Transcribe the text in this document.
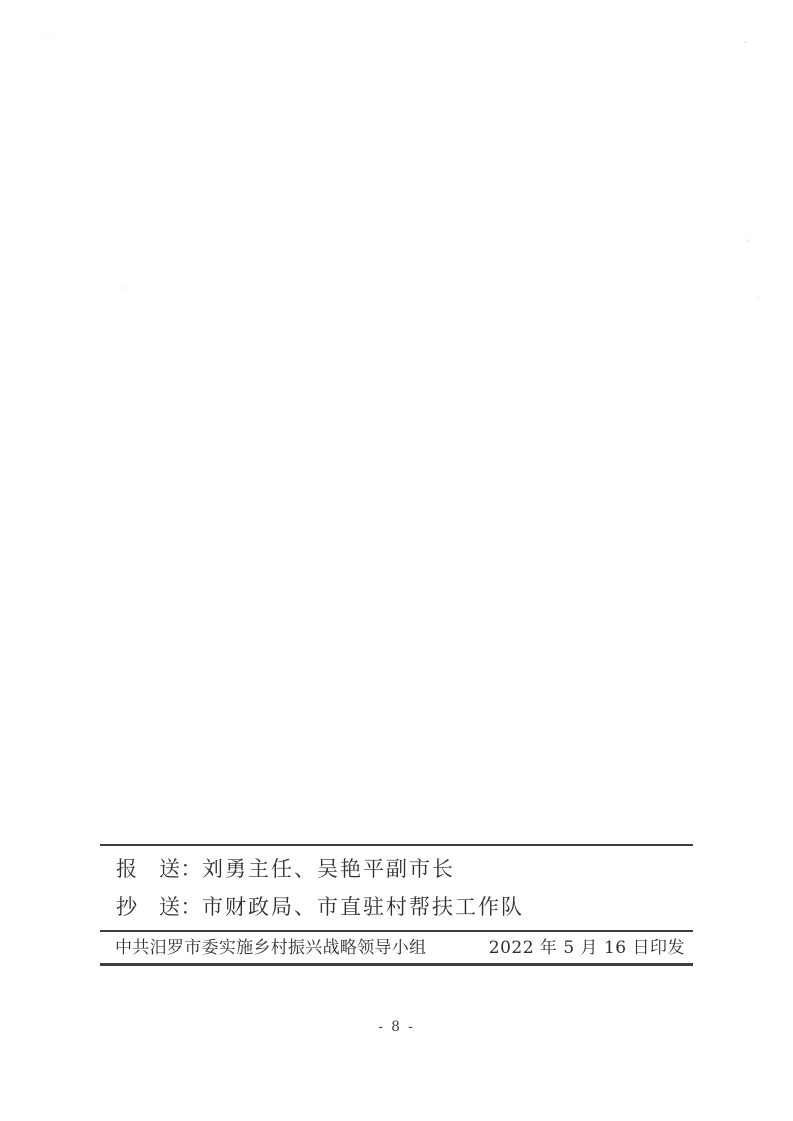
报　送：刘勇主任、吴艳平副市长
抄　送：市财政局、市直驻村帮扶工作队
中共汨罗市委实施乡村振兴战略领导小组	2022 年 5 月 16 日印发
- 8 -
